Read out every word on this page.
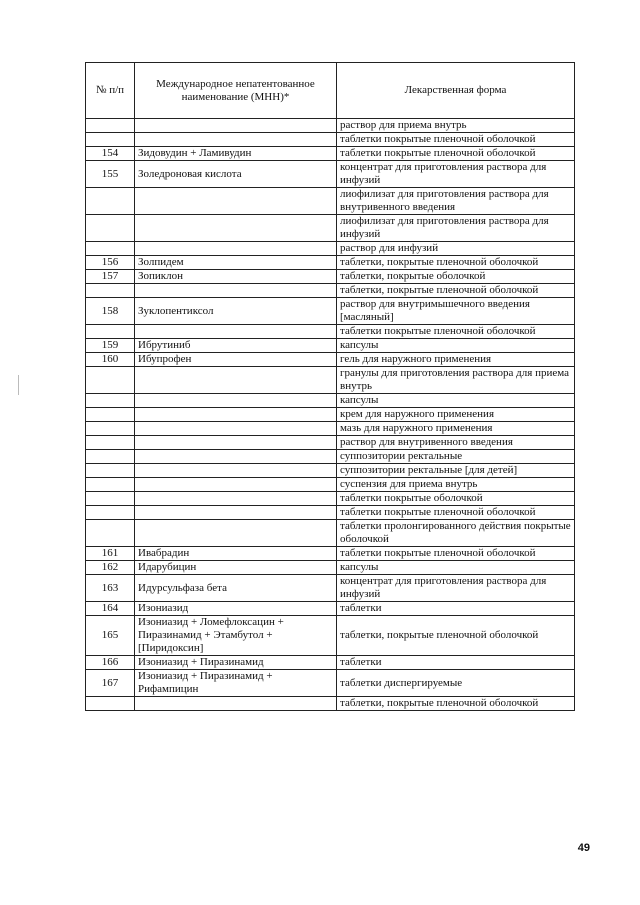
№ п/п	Международное непатентованное наименование (МНН)*	Лекарственная форма
		раствор для приема внутрь
		таблетки покрытые пленочной оболочкой
154	Зидовудин + Ламивудин	таблетки покрытые пленочной оболочкой
155	Золедроновая кислота	концентрат для приготовления раствора для инфузий
		лиофилизат для приготовления раствора для внутривенного введения
		лиофилизат для приготовления раствора для инфузий
		раствор для инфузий
156	Золпидем	таблетки, покрытые пленочной оболочкой
157	Зопиклон	таблетки, покрытые оболочкой
		таблетки, покрытые пленочной оболочкой
158	Зуклопентиксол	раствор для внутримышечного введения [масляный]
		таблетки покрытые пленочной оболочкой
159	Ибрутиниб	капсулы
160	Ибупрофен	гель для наружного применения
		гранулы для приготовления раствора для приема внутрь
		капсулы
		крем для наружного применения
		мазь для наружного применения
		раствор для внутривенного введения
		суппозитории ректальные
		суппозитории ректальные [для детей]
		суспензия для приема внутрь
		таблетки покрытые оболочкой
		таблетки покрытые пленочной оболочкой
		таблетки пролонгированного действия покрытые оболочкой
161	Ивабрадин	таблетки покрытые пленочной оболочкой
162	Идарубицин	капсулы
163	Идурсульфаза бета	концентрат для приготовления раствора для инфузий
164	Изониазид	таблетки
165	Изониазид + Ломефлоксацин + Пиразинамид + Этамбутол + [Пиридоксин]	таблетки, покрытые пленочной оболочкой
166	Изониазид + Пиразинамид	таблетки
167	Изониазид + Пиразинамид + Рифампицин	таблетки диспергируемые
		таблетки, покрытые пленочной оболочкой
49
